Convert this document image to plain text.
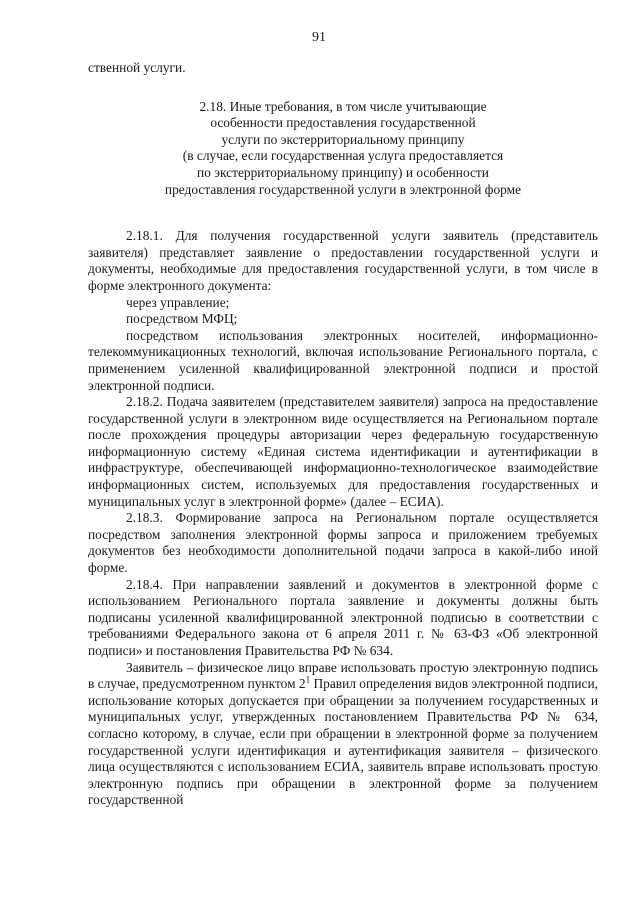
91

ственной услуги.

2.18. Иные требования, в том числе учитывающие
особенности предоставления государственной
услуги по экстерриториальному принципу
(в случае, если государственная услуга предоставляется
по экстерриториальному принципу) и особенности
предоставления государственной услуги в электронной форме

2.18.1. Для получения государственной услуги заявитель (представитель заявителя) представляет заявление о предоставлении государственной услуги и документы, необходимые для предоставления государственной услуги, в том числе в форме электронного документа:

через управление;

посредством МФЦ;

посредством использования электронных носителей, информационно-телекоммуникационных технологий, включая использование Регионального портала, с применением усиленной квалифицированной электронной подписи и простой электронной подписи.

2.18.2. Подача заявителем (представителем заявителя) запроса на предоставление государственной услуги в электронном виде осуществляется на Региональном портале после прохождения процедуры авторизации через федеральную государственную информационную систему «Единая система идентификации и аутентификации в инфраструктуре, обеспечивающей информационно-технологическое взаимодействие информационных систем, используемых для предоставления государственных и муниципальных услуг в электронной форме» (далее – ЕСИА).

2.18.3. Формирование запроса на Региональном портале осуществляется посредством заполнения электронной формы запроса и приложением требуемых документов без необходимости дополнительной подачи запроса в какой-либо иной форме.

2.18.4. При направлении заявлений и документов в электронной форме с использованием Регионального портала заявление и документы должны быть подписаны усиленной квалифицированной электронной подписью в соответствии с требованиями Федерального закона от 6 апреля 2011 г. № 63-ФЗ «Об электронной подписи» и постановления Правительства РФ № 634.

Заявитель – физическое лицо вправе использовать простую электронную подпись в случае, предусмотренном пунктом $2^1$ Правил определения видов электронной подписи, использование которых допускается при обращении за получением государственных и муниципальных услуг, утвержденных постановлением Правительства РФ № 634, согласно которому, в случае, если при обращении в электронной форме за получением государственной услуги идентификация и аутентификация заявителя – физического лица осуществляются с использованием ЕСИА, заявитель вправе использовать простую электронную подпись при обращении в электронной форме за получением государственной
